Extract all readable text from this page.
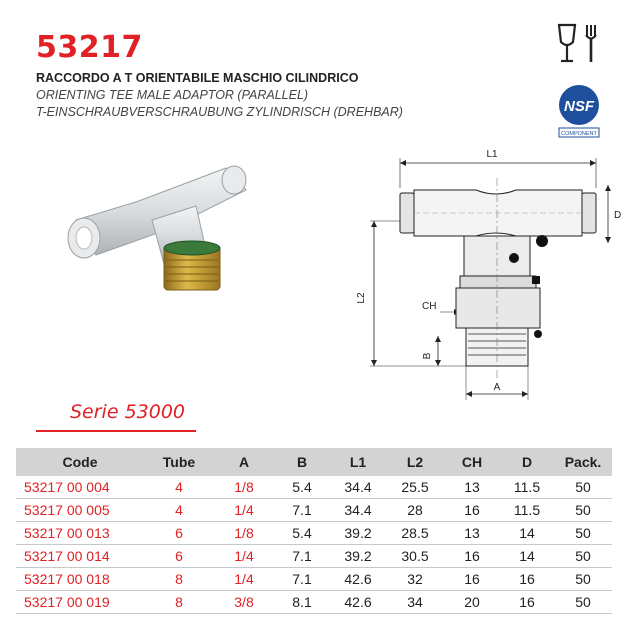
53217
RACCORDO A T ORIENTABILE MASCHIO CILINDRICO
ORIENTING TEE MALE ADAPTOR (PARALLEL)
T-EINSCHRAUBVERSCHRAUBUNG ZYLINDRISCH (DREHBAR)	NSF
COMPONENT
L1
D
L2
B
A
CH
Serie 53000
Code	Tube	A	B	L1	L2	CH	D	Pack.
53217 00 004	4	1/8	5.4	34.4	25.5	13	11.5	50
53217 00 005	4	1/4	7.1	34.4	28	16	11.5	50
53217 00 013	6	1/8	5.4	39.2	28.5	13	14	50
53217 00 014	6	1/4	7.1	39.2	30.5	16	14	50
53217 00 018	8	1/4	7.1	42.6	32	16	16	50
53217 00 019	8	3/8	8.1	42.6	34	20	16	50
